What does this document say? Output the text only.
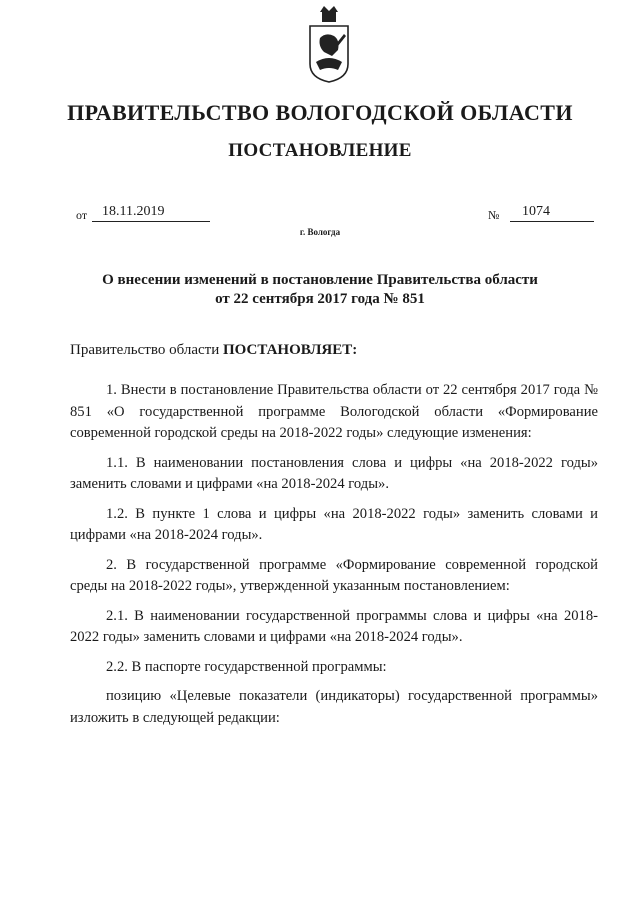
ПРАВИТЕЛЬСТВО ВОЛОГОДСКОЙ ОБЛАСТИ
ПОСТАНОВЛЕНИЕ
от	18.11.2019	№	1074
г. Вологда
О внесении изменений в постановление Правительства области
от 22 сентября 2017 года № 851
Правительство области ПОСТАНОВЛЯЕТ:

1. Внести в постановление Правительства области от 22 сентября 2017 года № 851 «О государственной программе Вологодской области «Формирование современной городской среды на 2018-2022 годы» следующие изменения:

1.1. В наименовании постановления слова и цифры «на 2018-2022 годы» заменить словами и цифрами «на 2018-2024 годы».

1.2. В пункте 1 слова и цифры «на 2018-2022 годы» заменить словами и цифрами «на 2018-2024 годы».

2. В государственной программе «Формирование современной городской среды на 2018-2022 годы», утвержденной указанным постановлением:

2.1. В наименовании государственной программы слова и цифры «на 2018-2022 годы» заменить словами и цифрами «на 2018-2024 годы».

2.2. В паспорте государственной программы:

позицию «Целевые показатели (индикаторы) государственной программы» изложить в следующей редакции:
